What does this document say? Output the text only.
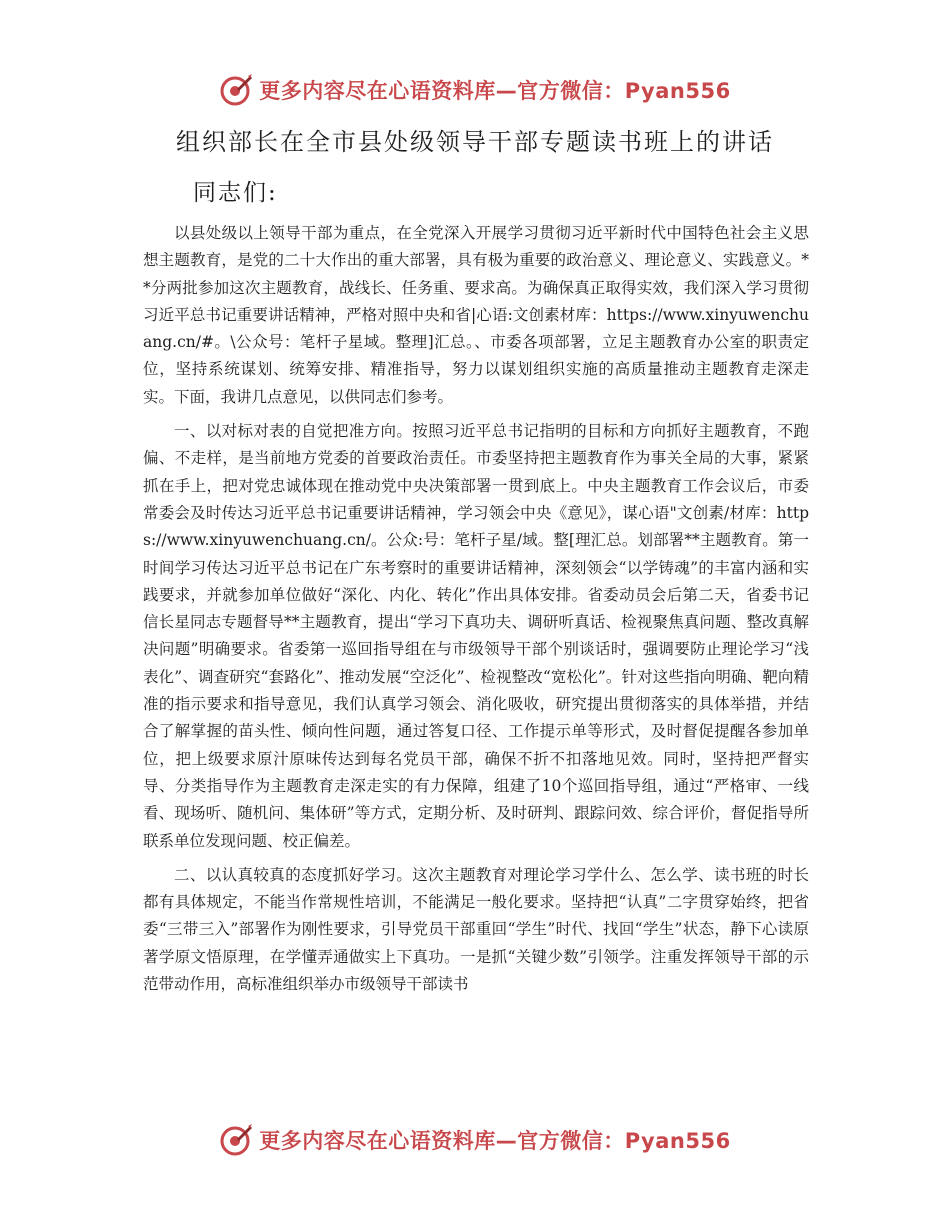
更多内容尽在心语资料库—官方微信：Pyan556
组织部长在全市县处级领导干部专题读书班上的讲话

同志们:

以县处级以上领导干部为重点，在全党深入开展学习贯彻习近平新时代中国特色社会主义思想主题教育，是党的二十大作出的重大部署，具有极为重要的政治意义、理论意义、实践意义。**分两批参加这次主题教育，战线长、任务重、要求高。为确保真正取得实效，我们深入学习贯彻习近平总书记重要讲话精神，严格对照中央和省|心语:文创素材库：https://www.xinyuwenchuang.cn/#。\公众号：笔杆子星域。整理]汇总。、市委各项部署，立足主题教育办公室的职责定位，坚持系统谋划、统筹安排、精准指导，努力以谋划组织实施的高质量推动主题教育走深走实。下面，我讲几点意见，以供同志们参考。

一、以对标对表的自觉把准方向。按照习近平总书记指明的目标和方向抓好主题教育，不跑偏、不走样，是当前地方党委的首要政治责任。市委坚持把主题教育作为事关全局的大事，紧紧抓在手上，把对党忠诚体现在推动党中央决策部署一贯到底上。中央主题教育工作会议后，市委常委会及时传达习近平总书记重要讲话精神，学习领会中央《意见》，谋心语"文创素/材库：https://www.xinyuwenchuang.cn/。公众:号：笔杆子星/域。整[理汇总。划部署**主题教育。第一时间学习传达习近平总书记在广东考察时的重要讲话精神，深刻领会“以学铸魂”的丰富内涵和实践要求，并就参加单位做好“深化、内化、转化”作出具体安排。省委动员会后第二天，省委书记信长星同志专题督导**主题教育，提出“学习下真功夫、调研听真话、检视聚焦真问题、整改真解决问题”明确要求。省委第一巡回指导组在与市级领导干部个别谈话时，强调要防止理论学习“浅表化”、调查研究“套路化”、推动发展“空泛化”、检视整改“宽松化”。针对这些指向明确、靶向精准的指示要求和指导意见，我们认真学习领会、消化吸收，研究提出贯彻落实的具体举措，并结合了解掌握的苗头性、倾向性问题，通过答复口径、工作提示单等形式，及时督促提醒各参加单位，把上级要求原汁原味传达到每名党员干部，确保不折不扣落地见效。同时，坚持把严督实导、分类指导作为主题教育走深走实的有力保障，组建了10个巡回指导组，通过“严格审、一线看、现场听、随机问、集体研”等方式，定期分析、及时研判、跟踪问效、综合评价，督促指导所联系单位发现问题、校正偏差。

二、以认真较真的态度抓好学习。这次主题教育对理论学习学什么、怎么学、读书班的时长都有具体规定，不能当作常规性培训，不能满足一般化要求。坚持把“认真”二字贯穿始终，把省委“三带三入”部署作为刚性要求，引导党员干部重回“学生”时代、找回“学生”状态，静下心读原著学原文悟原理，在学懂弄通做实上下真功。一是抓“关键少数”引领学。注重发挥领导干部的示范带动作用，高标准组织举办市级领导干部读书

更多内容尽在心语资料库—官方微信：Pyan556
